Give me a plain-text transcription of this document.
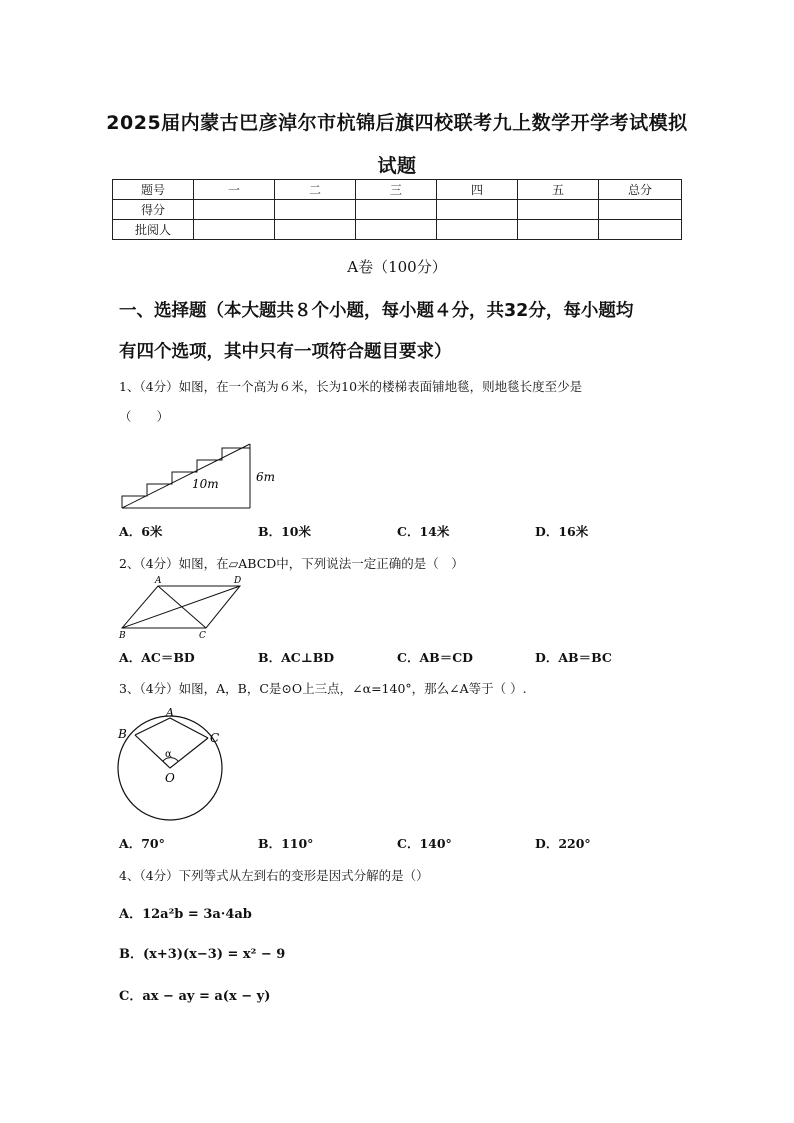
2025届内蒙古巴彦淖尔市杭锦后旗四校联考九上数学开学考试模拟
试题
题号	一	二	三	四	五	总分
得分						
批阅人						
A卷（100分）
一、选择题（本大题共８个小题，每小题４分，共32分，每小题均
有四个选项，其中只有一项符合题目要求）
1、（4分）如图，在一个高为６米，长为10米的楼梯表面铺地毯，则地毯长度至少是
（　　）
10m	6m
A．6米	B．10米	C．14米	D．16米
2、（4分）如图，在▱ABCD中，下列说法一定正确的是（　）
A	D
B	C
A．AC＝BD	B．AC⊥BD	C．AB＝CD	D．AB＝BC
3、（4分）如图，A，B，C是⊙O上三点，∠α=140°，那么∠A等于（ ）.
A
B	C
O
α
A．70°	B．110°	C．140°	D．220°
4、（4分）下列等式从左到右的变形是因式分解的是（）
A．12a²b = 3a·4ab
B．(x+3)(x−3) = x² − 9
C．ax − ay = a(x − y)
